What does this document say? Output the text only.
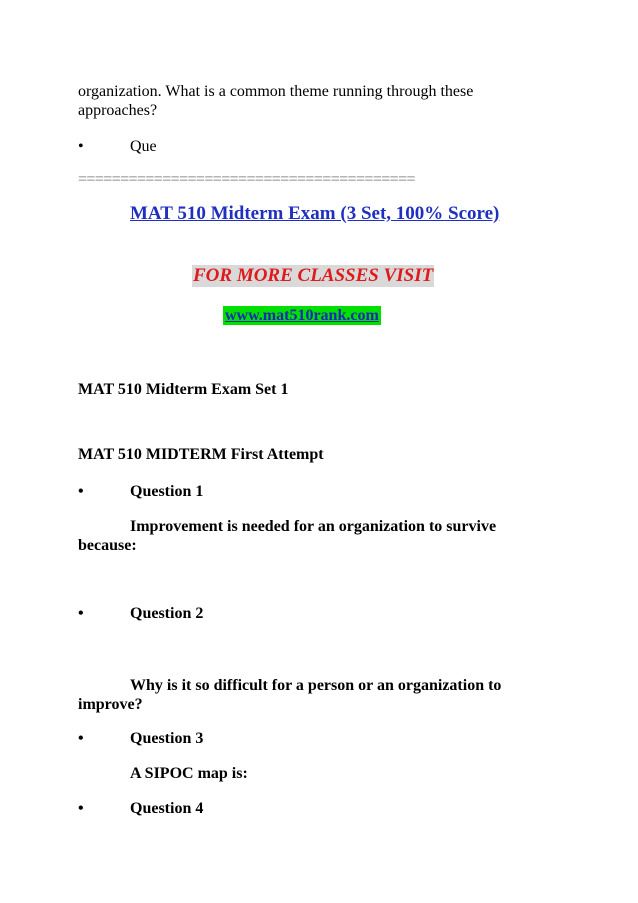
organization. What is a common theme running through these
approaches?
•	Que
========================================
MAT 510 Midterm Exam (3 Set, 100% Score)
FOR MORE CLASSES VISIT
www.mat510rank.com
MAT 510 Midterm Exam Set 1
MAT 510 MIDTERM First Attempt
•	Question 1
Improvement is needed for an organization to survive
because:
•	Question 2
Why is it so difficult for a person or an organization to
improve?
•	Question 3
A SIPOC map is:
•	Question 4
